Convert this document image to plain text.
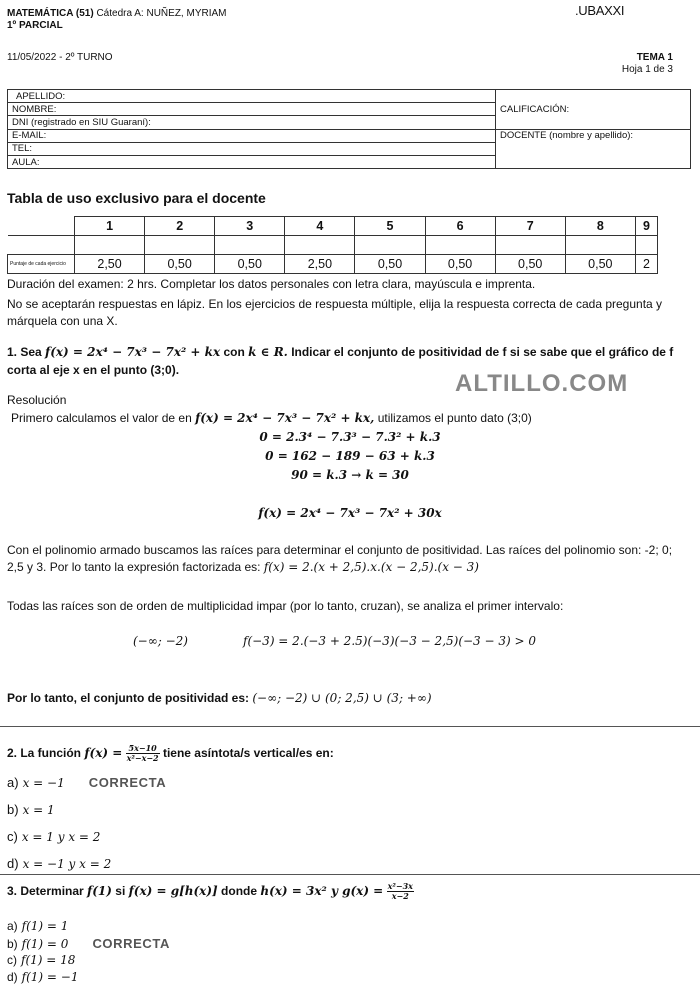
MATEMÁTICA (51) Cátedra A: NUÑEZ, MYRIAM
1º PARCIAL
.UBAXXI
11/05/2022 - 2º TURNO	TEMA 1
Hoja 1 de 3
APELLIDO:	CALIFICACIÓN:
NOMBRE:	
DNI (registrado en SIU Guaraní):	
E-MAIL:	DOCENTE (nombre y apellido):
TEL:	
AULA:	
Tabla de uso exclusivo para el docente
	1	2	3	4	5	6	7	8	9

Puntaje de cada ejercicio	2,50	0,50	0,50	2,50	0,50	0,50	0,50	0,50	2
Duración del examen: 2 hrs. Completar los datos personales con letra clara, mayúscula e imprenta.
No se aceptarán respuestas en lápiz. En los ejercicios de respuesta múltiple, elija la respuesta correcta de cada pregunta y márquela con una X.
1. Sea f(x) = 2x⁴ − 7x³ − 7x² + kx con k ∈ R. Indicar el conjunto de positividad de f si se sabe que el gráfico de f corta al eje x en el punto (3;0).	ALTILLO.COM
Resolución
Primero calculamos el valor de en f(x) = 2x⁴ − 7x³ − 7x² + kx, utilizamos el punto dato (3;0)
0 = 2.3⁴ − 7.3³ − 7.3² + k.3
0 = 162 − 189 − 63 + k.3
90 = k.3 → k = 30
f(x) = 2x⁴ − 7x³ − 7x² + 30x
Con el polinomio armado buscamos las raíces para determinar el conjunto de positividad. Las raíces del polinomio son: -2; 0; 2,5 y 3. Por lo tanto la expresión factorizada es: f(x) = 2.(x + 2,5).x.(x − 2,5).(x − 3)
Todas las raíces son de orden de multiplicidad impar (por lo tanto, cruzan), se analiza el primer intervalo:
(−∞; −2)	f(−3) = 2.(−3 + 2.5)(−3)(−3 − 2,5)(−3 − 3) > 0
Por lo tanto, el conjunto de positividad es: (−∞; −2) ∪ (0; 2,5) ∪ (3; +∞)
2. La función $f(x) = \frac{5x-10}{\text{x²−x−2}}$ tiene asíntota/s vertical/es en:
a) x = −1 CORRECTA
b) x = 1
c) x = 1 y x = 2
d) x = −1 y x = 2
3. Determinar f(1) si f(x) = g[h(x)] donde h(x) = 3x² y $g(x) = \frac{\text{x²−3x}}{x-2}$
a) f(1) = 1
b) f(1) = 0 CORRECTA
c) f(1) = 18
d) f(1) = −1
